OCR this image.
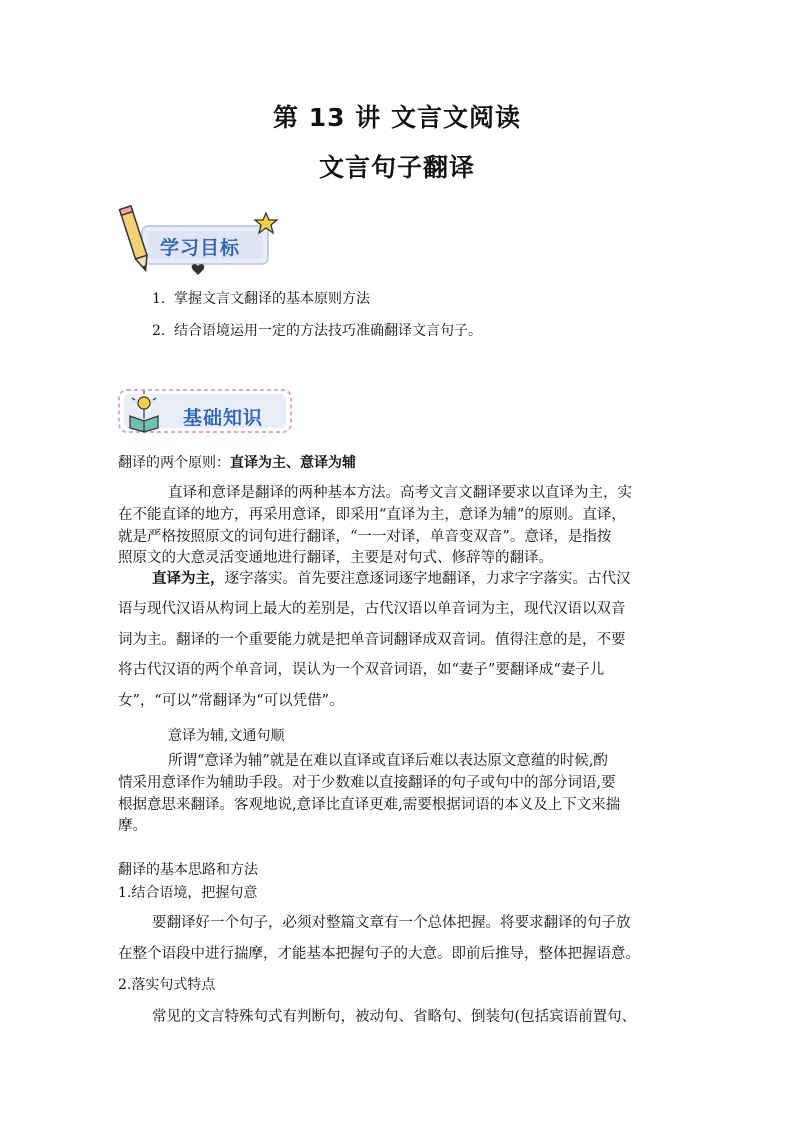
第 13 讲 文言文阅读
文言句子翻译
学习目标
1. 掌握文言文翻译的基本原则方法
2. 结合语境运用一定的方法技巧准确翻译文言句子。
基础知识
翻译的两个原则：直译为主、意译为辅
直译和意译是翻译的两种基本方法。高考文言文翻译要求以直译为主，实
在不能直译的地方，再采用意译，即采用“直译为主，意译为辅”的原则。直译，
就是严格按照原文的词句进行翻译，“一一对译，单音变双音”。意译，是指按
照原文的大意灵活变通地进行翻译，主要是对句式、修辞等的翻译。
直译为主，逐字落实。首先要注意逐词逐字地翻译，力求字字落实。古代汉
语与现代汉语从构词上最大的差别是，古代汉语以单音词为主，现代汉语以双音
词为主。翻译的一个重要能力就是把单音词翻译成双音词。值得注意的是，不要
将古代汉语的两个单音词，误认为一个双音词语，如“妻子”要翻译成“妻子儿
女”，“可以”常翻译为“可以凭借”。
意译为辅,文通句顺
所谓“意译为辅”就是在难以直译或直译后难以表达原文意蕴的时候,酌
情采用意译作为辅助手段。对于少数难以直接翻译的句子或句中的部分词语,要
根据意思来翻译。客观地说,意译比直译更难,需要根据词语的本义及上下文来揣
摩。
翻译的基本思路和方法
1.结合语境，把握句意
要翻译好一个句子，必须对整篇文章有一个总体把握。将要求翻译的句子放
在整个语段中进行揣摩，才能基本把握句子的大意。即前后推导，整体把握语意。
2.落实句式特点
常见的文言特殊句式有判断句，被动句、省略句、倒装句(包括宾语前置句、
